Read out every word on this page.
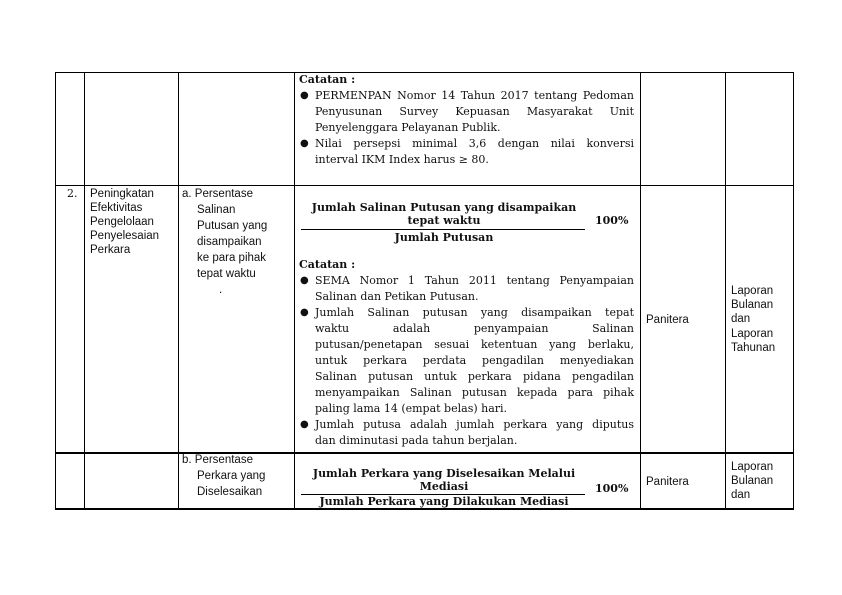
Catatan :
● PERMENPAN Nomor 14 Tahun 2017 tentang Pedoman
Penyusunan Survey Kepuasan Masyarakat Unit
Penyelenggara Pelayanan Publik.
● Nilai persepsi minimal 3,6 dengan nilai konversi
interval IKM Index harus ≥ 80.
2. Peningkatan
Efektivitas
Pengelolaan
Penyelesaian
Perkara
a. Persentase
Salinan
Putusan yang
disampaikan
ke para pihak
tepat waktu
.
Jumlah Salinan Putusan yang disampaikan
tepat waktu
Jumlah Putusan
100%
Catatan :
● SEMA Nomor 1 Tahun 2011 tentang Penyampaian
Salinan dan Petikan Putusan.
● Jumlah Salinan putusan yang disampaikan tepat
waktu adalah penyampaian Salinan
putusan/penetapan sesuai ketentuan yang berlaku,
untuk perkara perdata pengadilan menyediakan
Salinan putusan untuk perkara pidana pengadilan
menyampaikan Salinan putusan kepada para pihak
paling lama 14 (empat belas) hari.
● Jumlah putusa adalah jumlah perkara yang diputus
dan diminutasi pada tahun berjalan.
Panitera
Laporan
Bulanan
dan
Laporan
Tahunan
b. Persentase
Perkara yang
Diselesaikan
Jumlah Perkara yang Diselesaikan Melalui
Mediasi
Jumlah Perkara yang Dilakukan Mediasi
100% Panitera
Laporan
Bulanan
dan
